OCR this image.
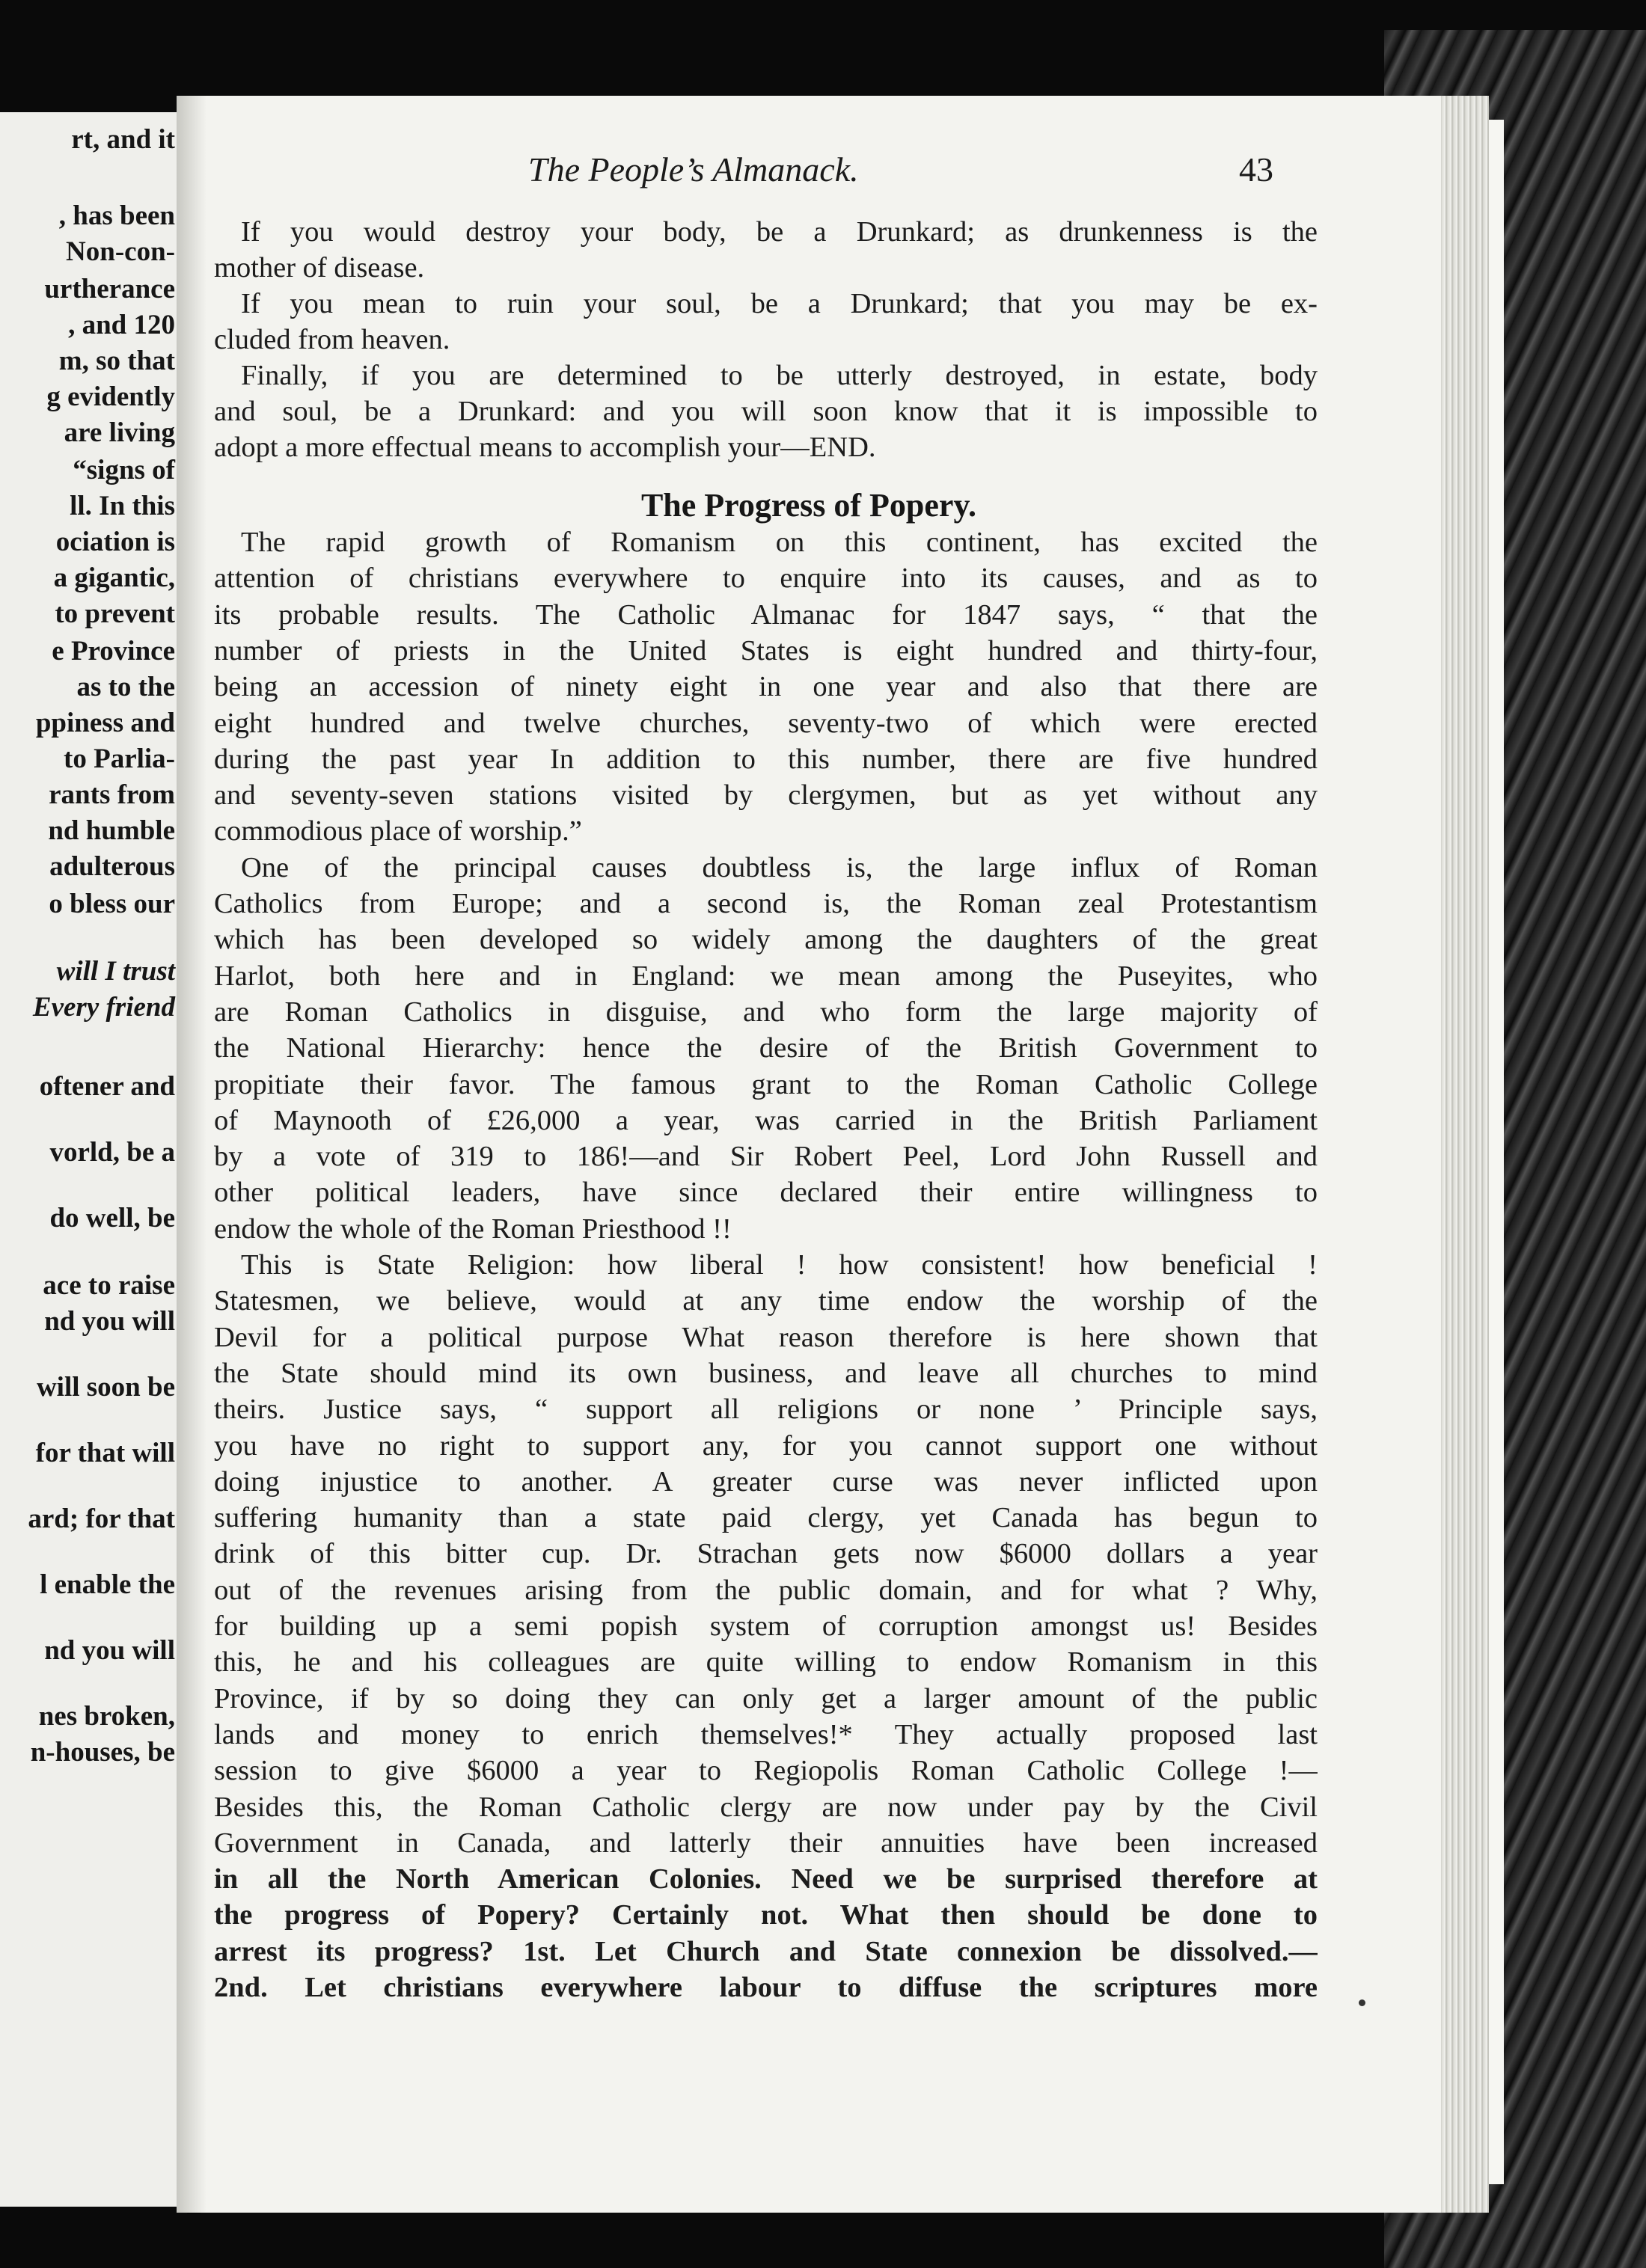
rt, and it
, has been
Non-con-
urtherance
, and 120
m, so that
g evidently
are living
“signs of
ll. In this
ociation is
a gigantic,
to prevent
e Province
as to the
ppiness and
to Parlia-
rants from
nd humble
adulterous
o bless our
will I trust
Every friend
oftener and
vorld, be a
do well, be
ace to raise
nd you will
will soon be
for that will
ard; for that
l enable the
nd you will
nes broken,
n-houses, be
The People’s Almanack.	43
The Progress of Popery.
If you would destroy your body, be a Drunkard; as drunkenness is the
mother of disease.
If you mean to ruin your soul, be a Drunkard; that you may be ex-
cluded from heaven.
Finally, if you are determined to be utterly destroyed, in estate, body
and soul, be a Drunkard: and you will soon know that it is impossible to
adopt a more effectual means to accomplish your—END.
The rapid growth of Romanism on this continent, has excited the
attention of christians everywhere to enquire into its causes, and as to
its probable results. The Catholic Almanac for 1847 says, “ that the
number of priests in the United States is eight hundred and thirty-four,
being an accession of ninety eight in one year and also that there are
eight hundred and twelve churches, seventy-two of which were erected
during the past year In addition to this number, there are five hundred
and seventy-seven stations visited by clergymen, but as yet without any
commodious place of worship.”
One of the principal causes doubtless is, the large influx of Roman
Catholics from Europe; and a second is, the Roman zeal Protestantism
which has been developed so widely among the daughters of the great
Harlot, both here and in England: we mean among the Puseyites, who
are Roman Catholics in disguise, and who form the large majority of
the National Hierarchy: hence the desire of the British Government to
propitiate their favor. The famous grant to the Roman Catholic College
of Maynooth of £26,000 a year, was carried in the British Parliament
by a vote of 319 to 186!—and Sir Robert Peel, Lord John Russell and
other political leaders, have since declared their entire willingness to
endow the whole of the Roman Priesthood !!
This is State Religion: how liberal ! how consistent! how beneficial !
Statesmen, we believe, would at any time endow the worship of the
Devil for a political purpose What reason therefore is here shown that
the State should mind its own business, and leave all churches to mind
theirs. Justice says, “ support all religions or none ’ Principle says,
you have no right to support any, for you cannot support one without
doing injustice to another. A greater curse was never inflicted upon
suffering humanity than a state paid clergy, yet Canada has begun to
drink of this bitter cup. Dr. Strachan gets now $6000 dollars a year
out of the revenues arising from the public domain, and for what ? Why,
for building up a semi popish system of corruption amongst us! Besides
this, he and his colleagues are quite willing to endow Romanism in this
Province, if by so doing they can only get a larger amount of the public
lands and money to enrich themselves!* They actually proposed last
session to give $6000 a year to Regiopolis Roman Catholic College !—
Besides this, the Roman Catholic clergy are now under pay by the Civil
Government in Canada, and latterly their annuities have been increased
in all the North American Colonies. Need we be surprised therefore at
the progress of Popery? Certainly not. What then should be done to
arrest its progress? 1st. Let Church and State connexion be dissolved.—
2nd. Let christians everywhere labour to diffuse the scriptures more
